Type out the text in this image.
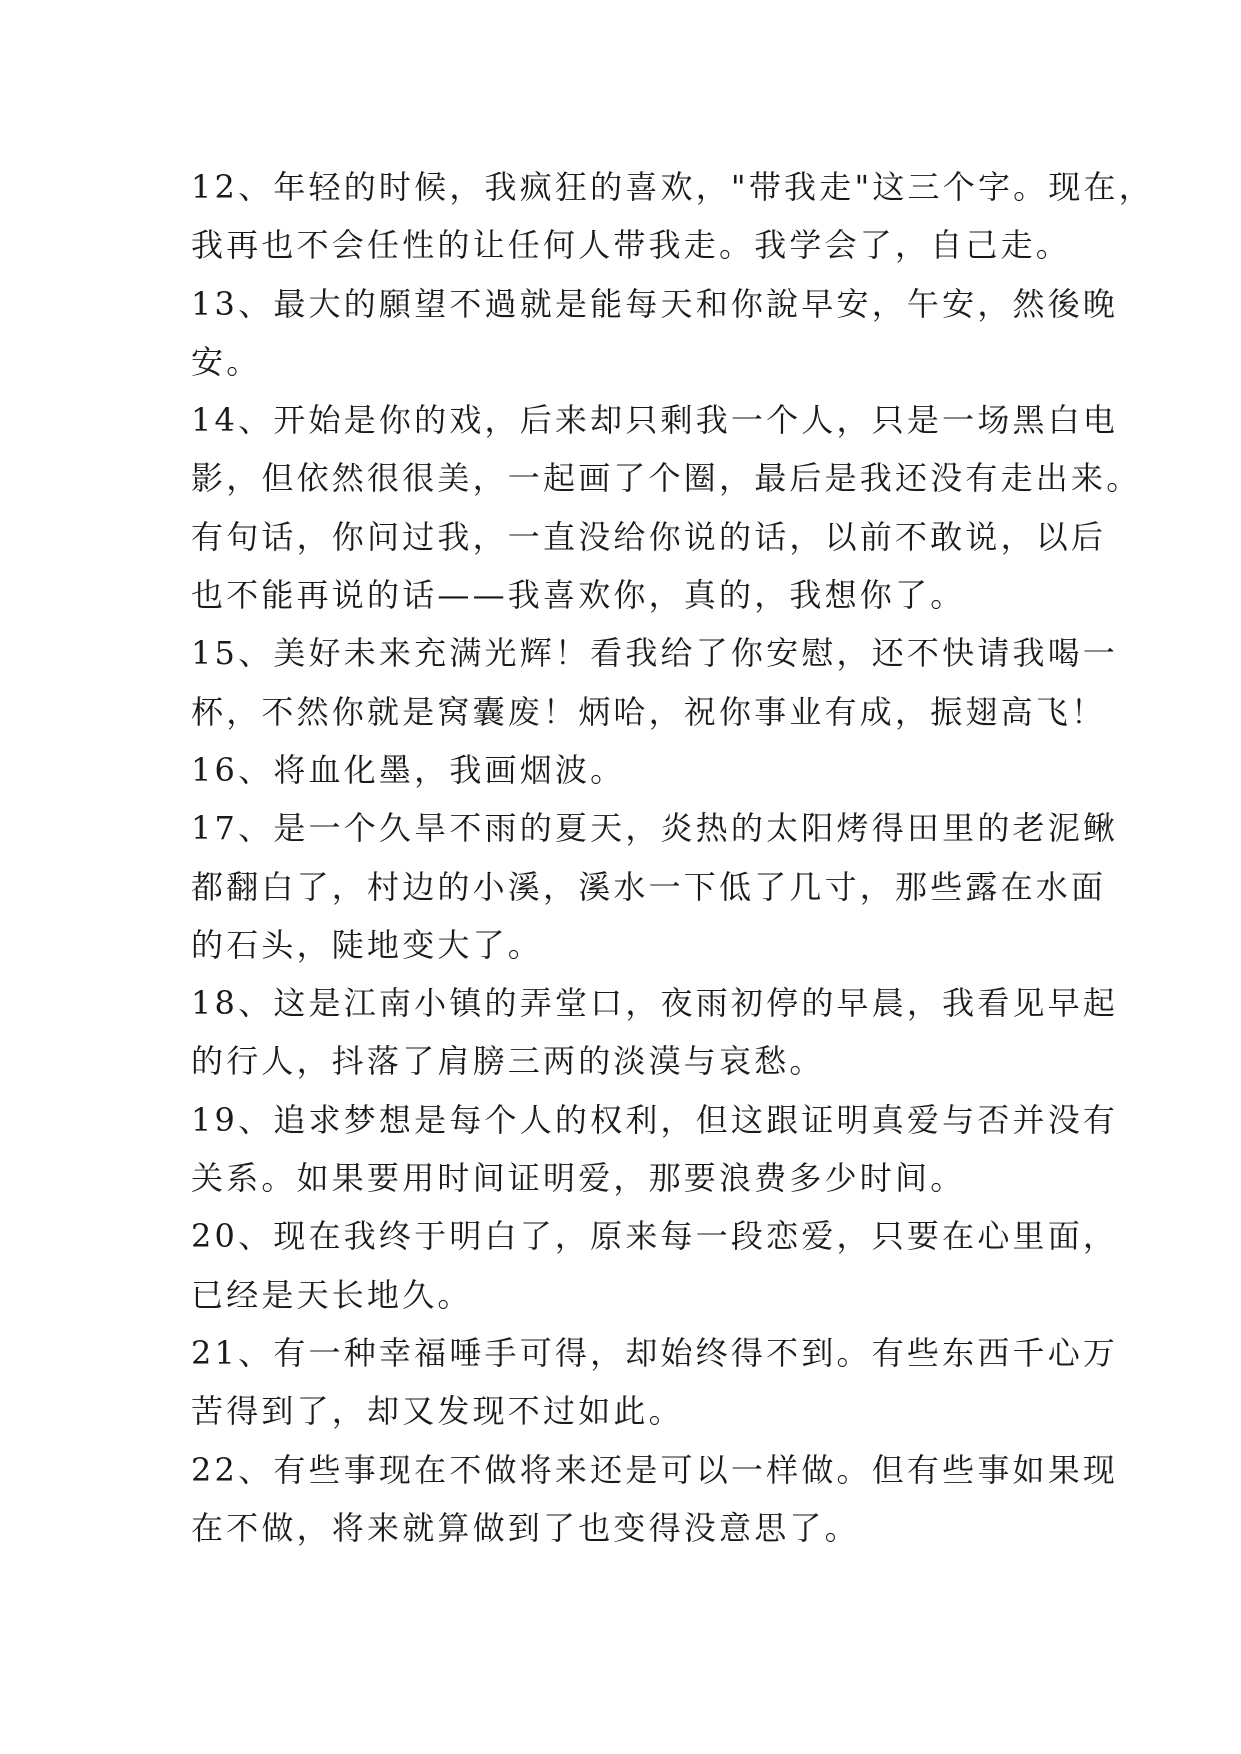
12、年轻的时候，我疯狂的喜欢，"带我走"这三个字。现在，
我再也不会任性的让任何人带我走。我学会了，自己走。
13、最大的願望不過就是能每天和你說早安，午安，然後晚
安。
14、开始是你的戏，后来却只剩我一个人，只是一场黑白电
影，但依然很很美，一起画了个圈，最后是我还没有走出来。
有句话，你问过我，一直没给你说的话，以前不敢说，以后
也不能再说的话——我喜欢你，真的，我想你了。
15、美好未来充满光辉！看我给了你安慰，还不快请我喝一
杯，不然你就是窝囊废！炳哈，祝你事业有成，振翅高飞！
16、将血化墨，我画烟波。
17、是一个久旱不雨的夏天，炎热的太阳烤得田里的老泥鳅
都翻白了，村边的小溪，溪水一下低了几寸，那些露在水面
的石头，陡地变大了。
18、这是江南小镇的弄堂口，夜雨初停的早晨，我看见早起
的行人，抖落了肩膀三两的淡漠与哀愁。
19、追求梦想是每个人的权利，但这跟证明真爱与否并没有
关系。如果要用时间证明爱，那要浪费多少时间。
20、现在我终于明白了，原来每一段恋爱，只要在心里面，
已经是天长地久。
21、有一种幸福唾手可得，却始终得不到。有些东西千心万
苦得到了，却又发现不过如此。
22、有些事现在不做将来还是可以一样做。但有些事如果现
在不做，将来就算做到了也变得没意思了。
